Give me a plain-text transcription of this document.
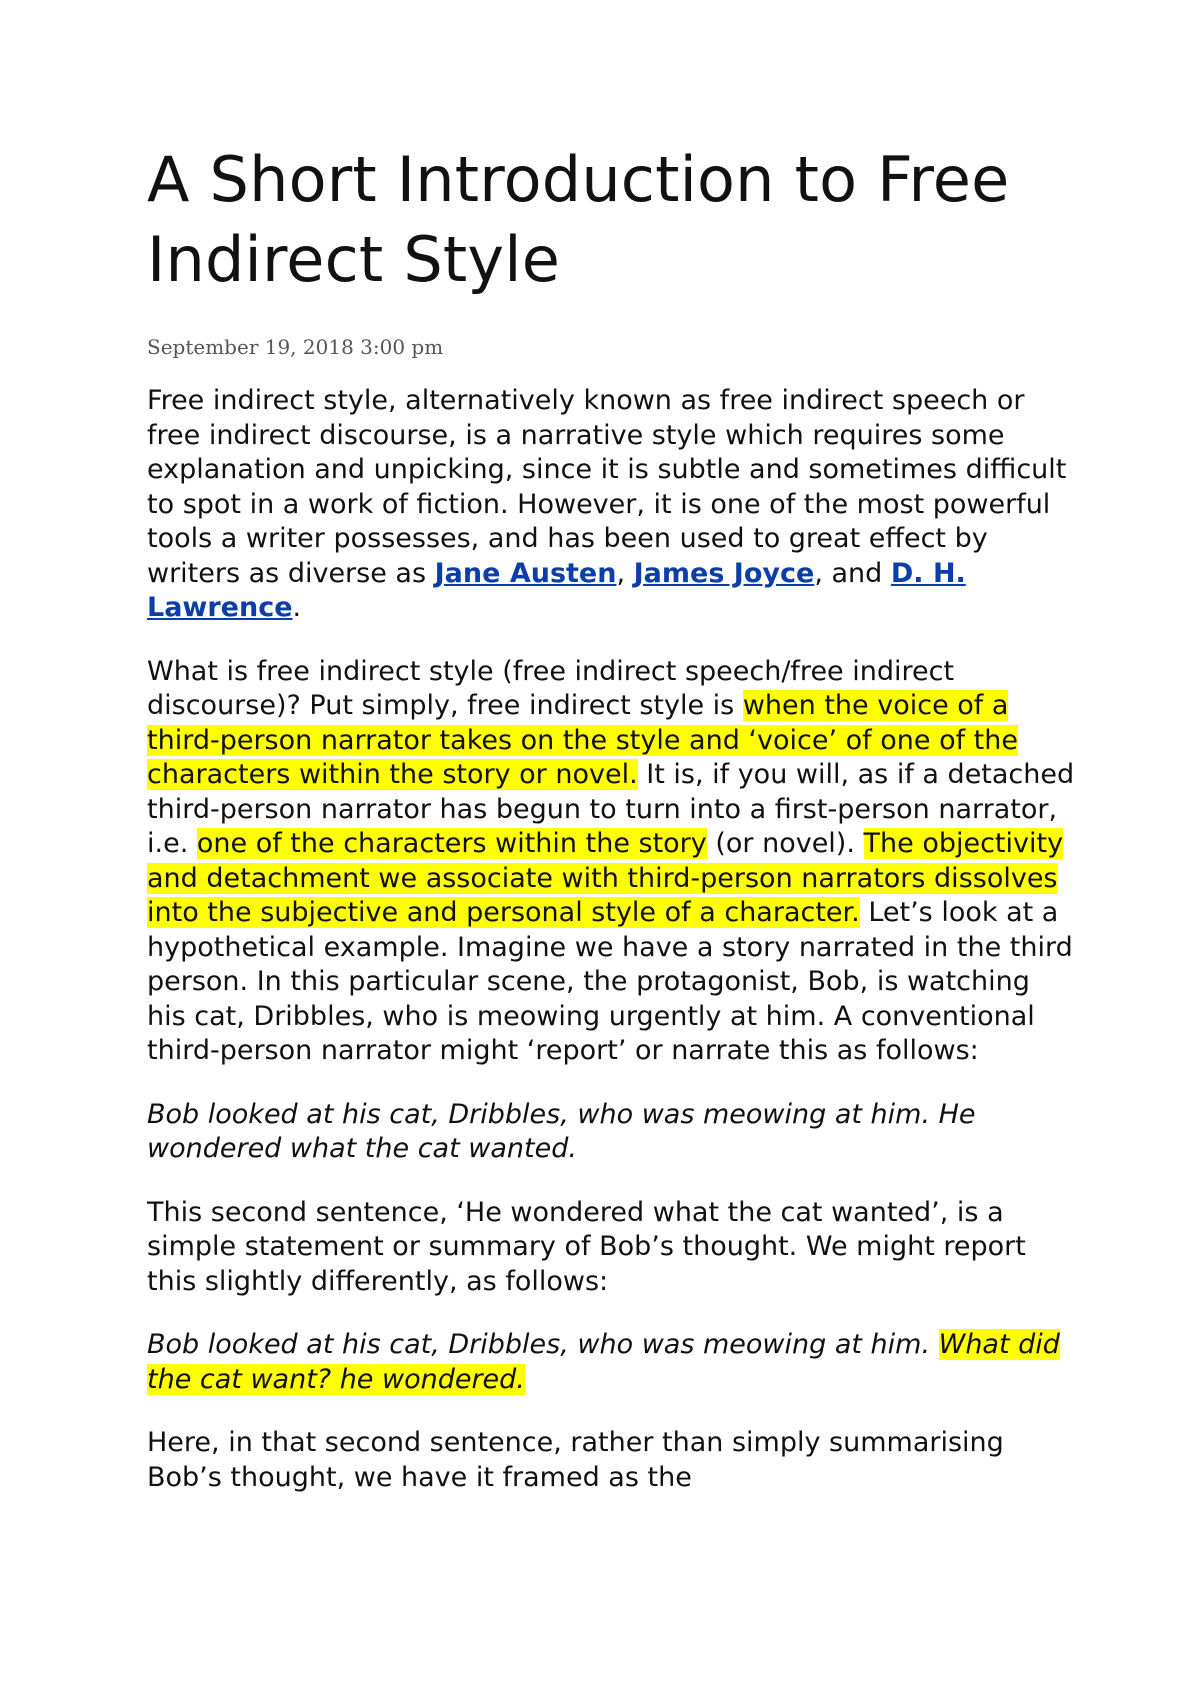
A Short Introduction to Free Indirect Style
September 19, 2018 3:00 pm

Free indirect style, alternatively known as free indirect speech or free indirect discourse, is a narrative style which requires some explanation and unpicking, since it is subtle and sometimes difficult to spot in a work of fiction. However, it is one of the most powerful tools a writer possesses, and has been used to great effect by writers as diverse as Jane Austen, James Joyce, and D. H. Lawrence.

What is free indirect style (free indirect speech/free indirect discourse)? Put simply, free indirect style is when the voice of a third-person narrator takes on the style and ‘voice’ of one of the characters within the story or novel. It is, if you will, as if a detached third-person narrator has begun to turn into a first-person narrator, i.e. one of the characters within the story (or novel). The objectivity and detachment we associate with third-person narrators dissolves into the subjective and personal style of a character. Let’s look at a hypothetical example. Imagine we have a story narrated in the third person. In this particular scene, the protagonist, Bob, is watching his cat, Dribbles, who is meowing urgently at him. A conventional third-person narrator might ‘report’ or narrate this as follows:

Bob looked at his cat, Dribbles, who was meowing at him. He wondered what the cat wanted.

This second sentence, ‘He wondered what the cat wanted’, is a simple statement or summary of Bob’s thought. We might report this slightly differently, as follows:

Bob looked at his cat, Dribbles, who was meowing at him. What did the cat want? he wondered.

Here, in that second sentence, rather than simply summarising Bob’s thought, we have it framed as the
